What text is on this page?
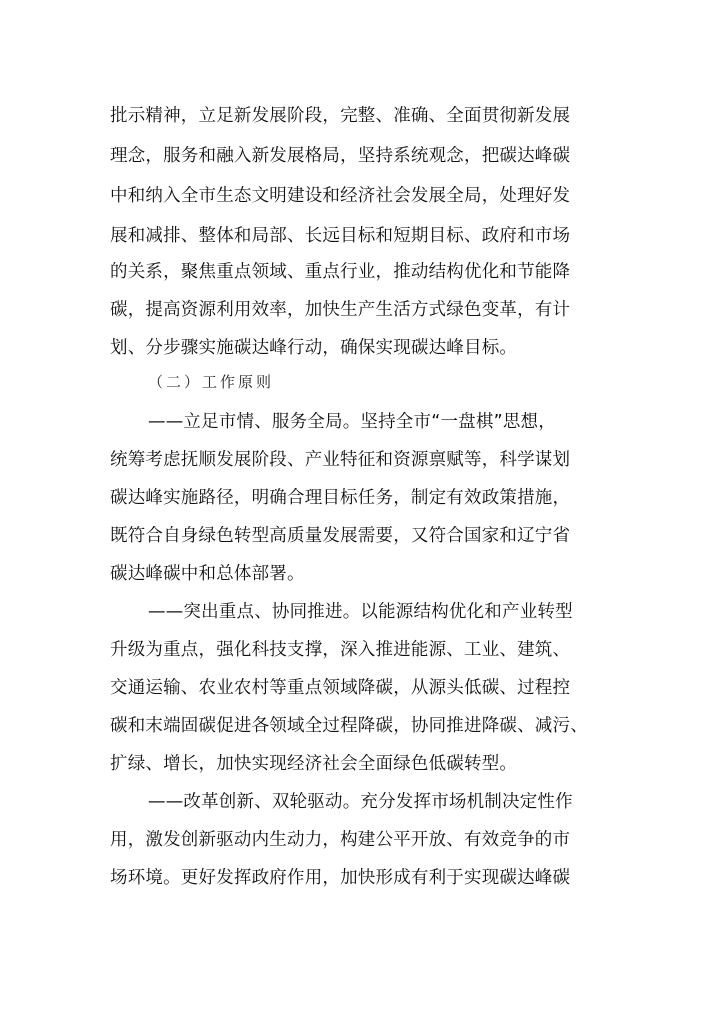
批示精神，立足新发展阶段，完整、准确、全面贯彻新发展
理念，服务和融入新发展格局，坚持系统观念，把碳达峰碳
中和纳入全市生态文明建设和经济社会发展全局，处理好发
展和减排、整体和局部、长远目标和短期目标、政府和市场
的关系，聚焦重点领域、重点行业，推动结构优化和节能降
碳，提高资源利用效率，加快生产生活方式绿色变革，有计
划、分步骤实施碳达峰行动，确保实现碳达峰目标。
（二）工作原则
——立足市情、服务全局。坚持全市“一盘棋”思想，
统筹考虑抚顺发展阶段、产业特征和资源禀赋等，科学谋划
碳达峰实施路径，明确合理目标任务，制定有效政策措施，
既符合自身绿色转型高质量发展需要，又符合国家和辽宁省
碳达峰碳中和总体部署。
——突出重点、协同推进。以能源结构优化和产业转型
升级为重点，强化科技支撑，深入推进能源、工业、建筑、
交通运输、农业农村等重点领域降碳，从源头低碳、过程控
碳和末端固碳促进各领域全过程降碳，协同推进降碳、减污、
扩绿、增长，加快实现经济社会全面绿色低碳转型。
——改革创新、双轮驱动。充分发挥市场机制决定性作
用，激发创新驱动内生动力，构建公平开放、有效竞争的市
场环境。更好发挥政府作用，加快形成有利于实现碳达峰碳
